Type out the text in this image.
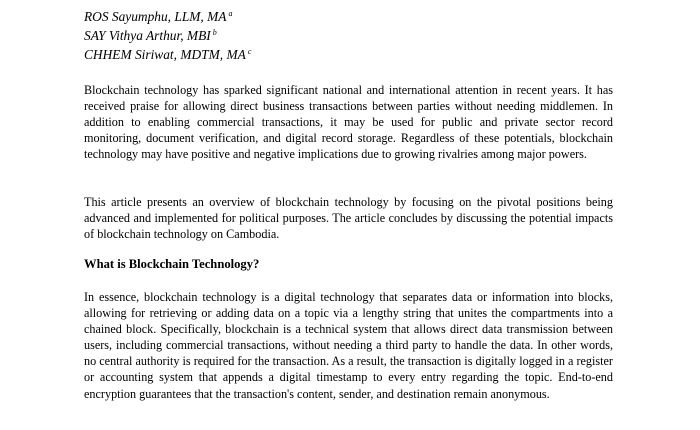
ROS Sayumphu, LLM, MA $^a$
SAY Vithya Arthur, MBI $^b$
CHHEM Siriwat, MDTM, MA $^c$

Blockchain technology has sparked significant national and international attention in recent years. It has received praise for allowing direct business transactions between parties without needing middlemen. In addition to enabling commercial transactions, it may be used for public and private sector record monitoring, document verification, and digital record storage. Regardless of these potentials, blockchain technology may have positive and negative implications due to growing rivalries among major powers.

This article presents an overview of blockchain technology by focusing on the pivotal positions being advanced and implemented for political purposes. The article concludes by discussing the potential impacts of blockchain technology on Cambodia.

What is Blockchain Technology?

In essence, blockchain technology is a digital technology that separates data or information into blocks, allowing for retrieving or adding data on a topic via a lengthy string that unites the compartments into a chained block. Specifically, blockchain is a technical system that allows direct data transmission between users, including commercial transactions, without needing a third party to handle the data. In other words, no central authority is required for the transaction. As a result, the transaction is digitally logged in a register or accounting system that appends a digital timestamp to every entry regarding the topic. End-to-end encryption guarantees that the transaction's content, sender, and destination remain anonymous.
